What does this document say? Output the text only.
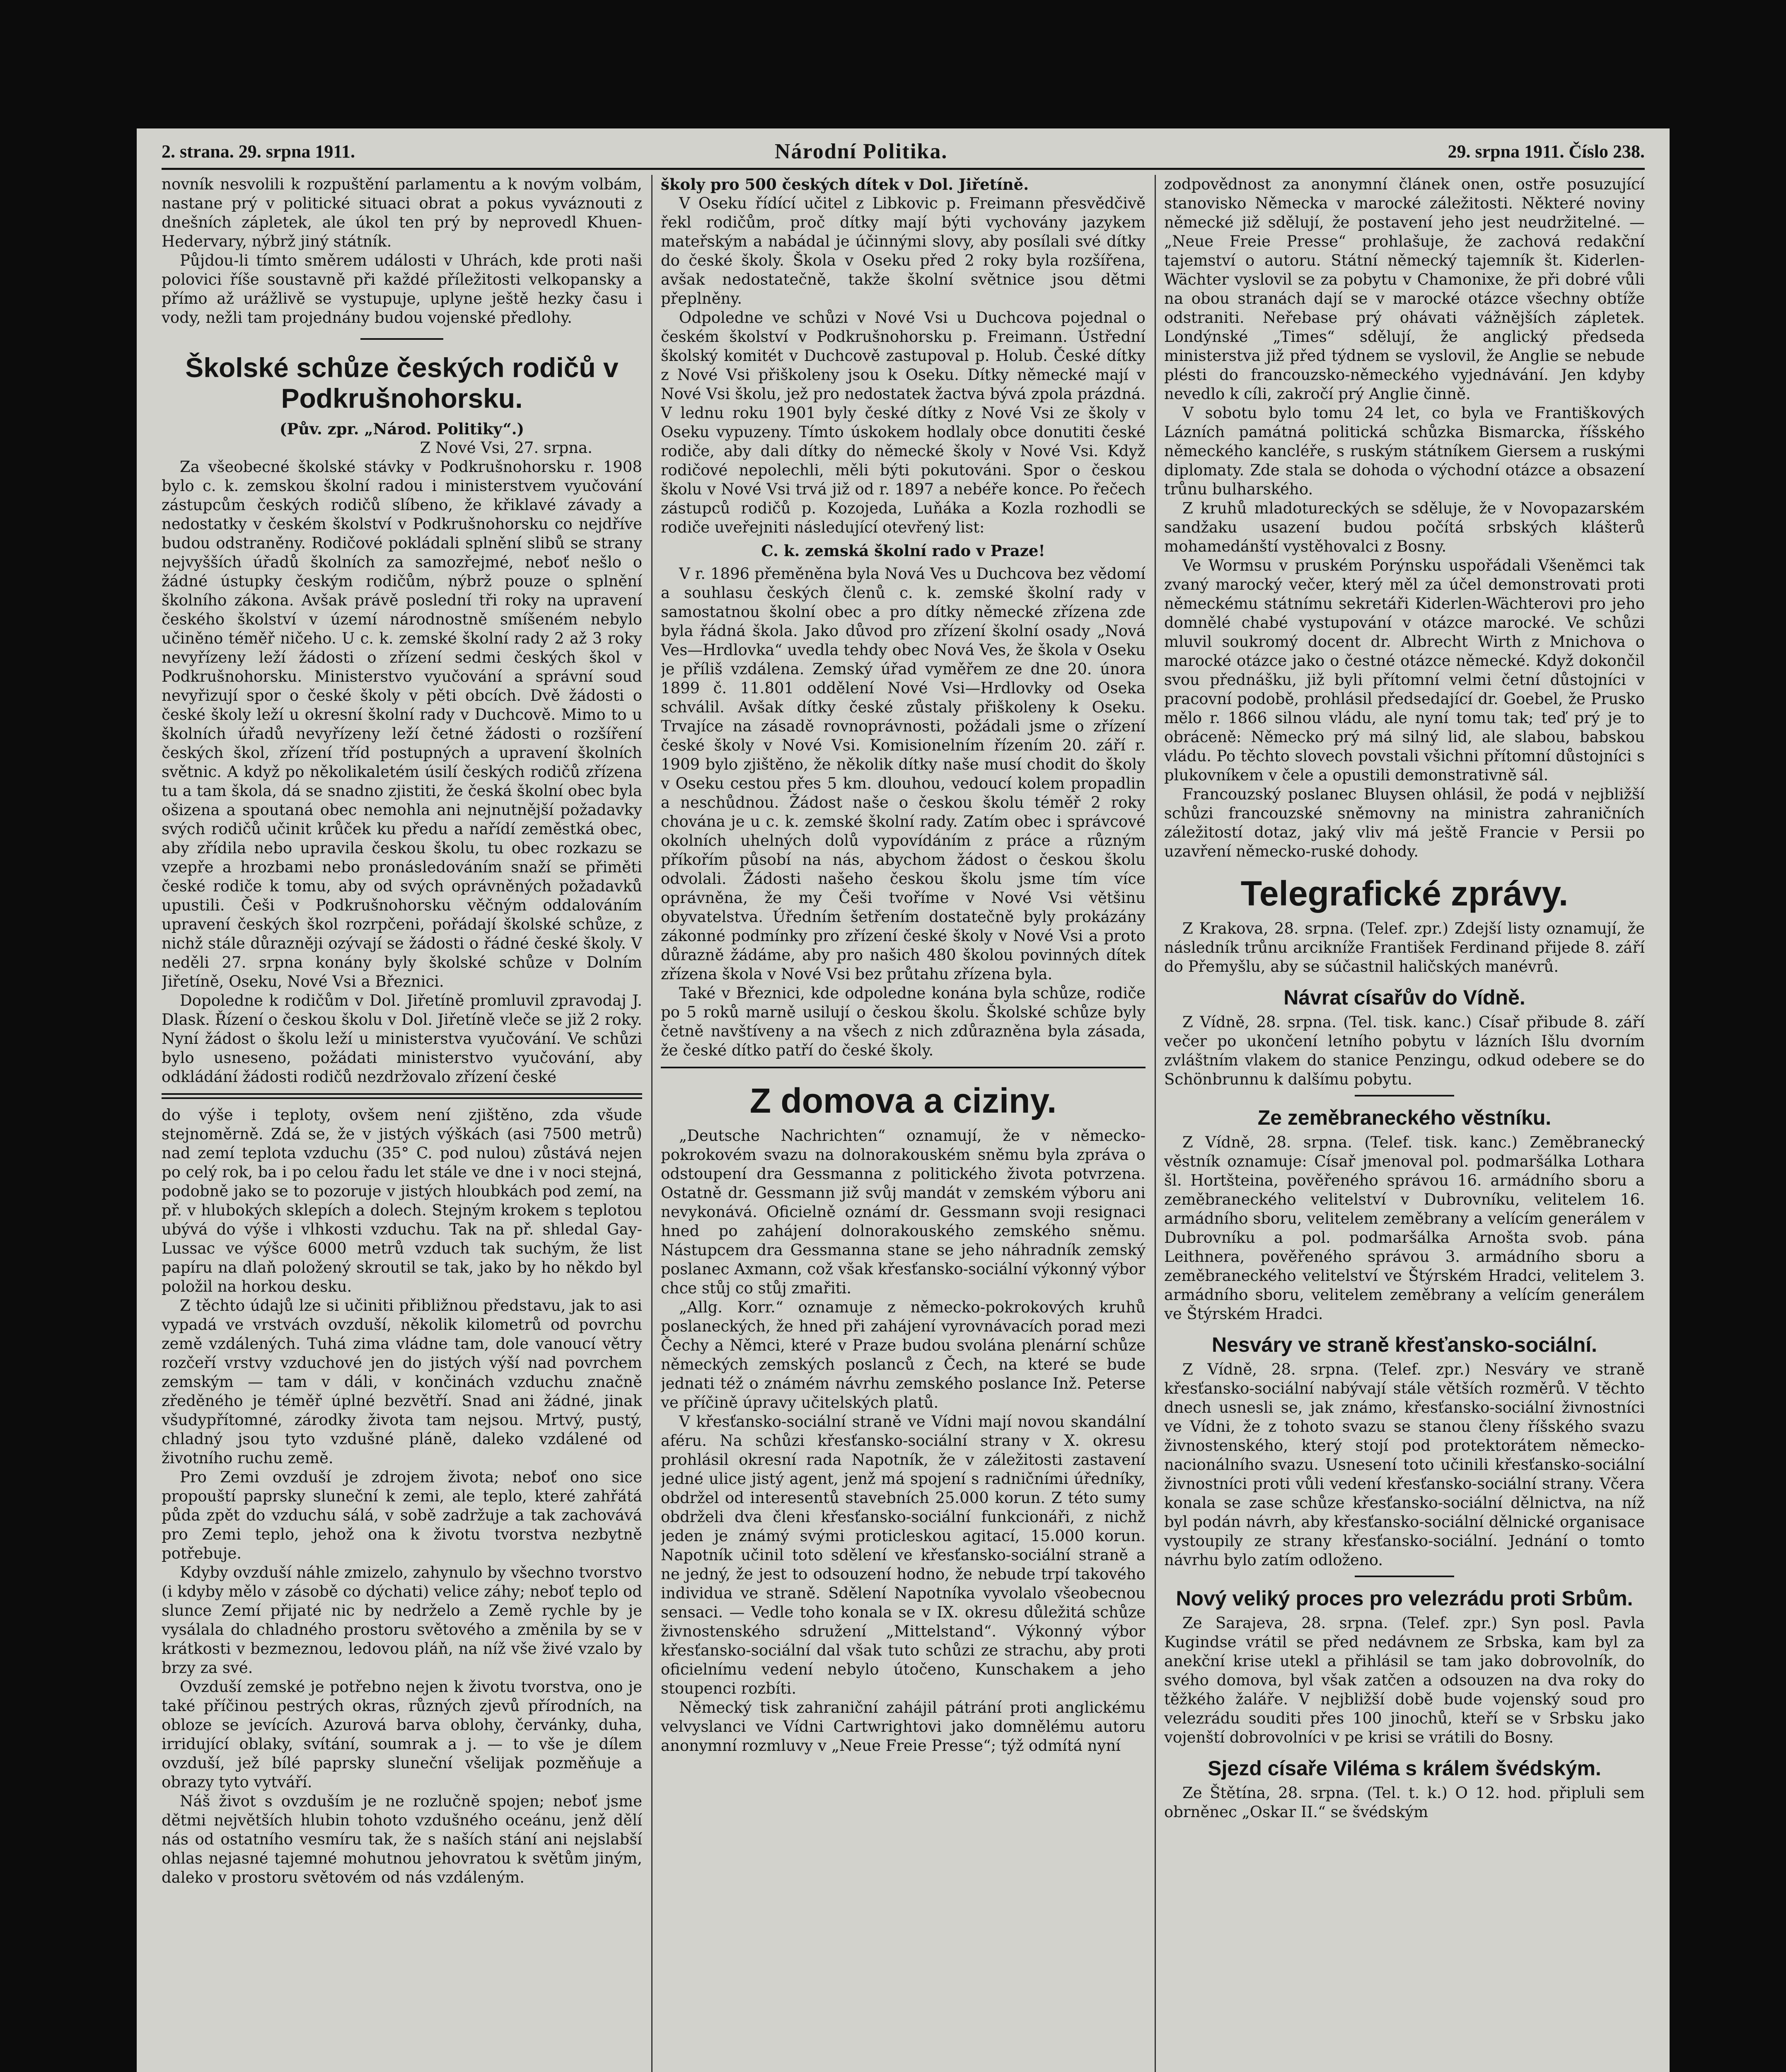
2. strana. 29. srpna 1911.	Národní Politika.	29. srpna 1911. Číslo 238.

novník nesvolili k rozpuštění parlamentu a k novým volbám, nastane prý v politické situaci obrat a pokus vyváznouti z dnešních zápletek, ale úkol ten prý by neprovedl Khuen-Hedervary, nýbrž jiný státník.

Půjdou-li tímto směrem události v Uhrách, kde proti naši polovici říše soustavně při každé příležitosti velkopansky a přímo až urážlivě se vystupuje, uplyne ještě hezky času i vody, nežli tam projednány budou vojenské předlohy.

Školské schůze českých rodičů v Podkrušnohorsku.

(Pův. zpr. „Národ. Politiky“.)

Z Nové Vsi, 27. srpna.

Za všeobecné školské stávky v Podkrušnohorsku r. 1908 bylo c. k. zemskou školní radou i ministerstvem vyučování zástupcům českých rodičů slíbeno, že křiklavé závady a nedostatky v českém školství v Podkrušnohorsku co nejdříve budou odstraněny. Rodičové pokládali splnění slibů se strany nejvyšších úřadů školních za samozřejmé, neboť nešlo o žádné ústupky českým rodičům, nýbrž pouze o splnění školního zákona. Avšak právě poslední tři roky na upravení českého školství v území národnostně smíšeném nebylo učiněno téměř ničeho. U c. k. zemské školní rady 2 až 3 roky nevyřízeny leží žádosti o zřízení sedmi českých škol v Podkrušnohorsku. Ministerstvo vyučování a správní soud nevyřizují spor o české školy v pěti obcích. Dvě žádosti o české školy leží u okresní školní rady v Duchcově. Mimo to u školních úřadů nevyřízeny leží četné žádosti o rozšíření českých škol, zřízení tříd postupných a upravení školních světnic. A když po několikaletém úsilí českých rodičů zřízena tu a tam škola, dá se snadno zjistiti, že česká školní obec byla ošizena a spoutaná obec nemohla ani nejnutnější požadavky svých rodičů učinit krůček ku předu a nařídí zeměstká obec, aby zřídila nebo upravila českou školu, tu obec rozkazu se vzepře a hrozbami nebo pronásledováním snaží se přiměti české rodiče k tomu, aby od svých oprávněných požadavků upustili. Češi v Podkrušnohorsku věčným oddalováním upravení českých škol rozrpčeni, pořádají školské schůze, z nichž stále důrazněji ozývají se žádosti o řádné české školy. V neděli 27. srpna konány byly školské schůze v Dolním Jiřetíně, Oseku, Nové Vsi a Březnici.

Dopoledne k rodičům v Dol. Jiřetíně promluvil zpravodaj J. Dlask. Řízení o českou školu v Dol. Jiřetíně vleče se již 2 roky. Nyní žádost o školu leží u ministerstva vyučování. Ve schůzi bylo usneseno, požádati ministerstvo vyučování, aby odkládání žádosti rodičů nezdržovalo zřízení české

do výše i teploty, ovšem není zjištěno, zda všude stejnoměrně. Zdá se, že v jistých výškách (asi 7500 metrů) nad zemí teplota vzduchu (35° C. pod nulou) zůstává nejen po celý rok, ba i po celou řadu let stále ve dne i v noci stejná, podobně jako se to pozoruje v jistých hloubkách pod zemí, na př. v hlubokých sklepích a dolech. Stejným krokem s teplotou ubývá do výše i vlhkosti vzduchu. Tak na př. shledal Gay-Lussac ve výšce 6000 metrů vzduch tak suchým, že list papíru na dlaň položený skroutil se tak, jako by ho někdo byl položil na horkou desku.

Z těchto údajů lze si učiniti přibližnou představu, jak to asi vypadá ve vrstvách ovzduší, několik kilometrů od povrchu země vzdálených. Tuhá zima vládne tam, dole vanoucí větry rozčeří vrstvy vzduchové jen do jistých výší nad povrchem zemským — tam v dáli, v končinách vzduchu značně zředěného je téměř úplné bezvětří. Snad ani žádné, jinak všudypřítomné, zárodky života tam nejsou. Mrtvý, pustý, chladný jsou tyto vzdušné pláně, daleko vzdálené od životního ruchu země.

Pro Zemi ovzduší je zdrojem života; neboť ono sice propouští paprsky sluneční k zemi, ale teplo, které zahřátá půda zpět do vzduchu sálá, v sobě zadržuje a tak zachovává pro Zemi teplo, jehož ona k životu tvorstva nezbytně potřebuje.

Kdyby ovzduší náhle zmizelo, zahynulo by všechno tvorstvo (i kdyby mělo v zásobě co dýchati) velice záhy; neboť teplo od slunce Zemí přijaté nic by nedrželo a Země rychle by je vysálala do chladného prostoru světového a změnila by se v krátkosti v bezmeznou, ledovou pláň, na níž vše živé vzalo by brzy za své.

Ovzduší zemské je potřebno nejen k životu tvorstva, ono je také příčinou pestrých okras, různých zjevů přírodních, na obloze se jevících. Azurová barva oblohy, červánky, duha, irridující oblaky, svítání, soumrak a j. — to vše je dílem ovzduší, jež bílé paprsky sluneční všelijak pozměňuje a obrazy tyto vytváří.

Náš život s ovzduším je ne rozlučně spojen; neboť jsme dětmi největších hlubin tohoto vzdušného oceánu, jenž dělí nás od ostatního vesmíru tak, že s naších stání ani nejslabší ohlas nejasné tajemné mohutnou jehovratou k světům jiným, daleko v prostoru světovém od nás vzdáleným.

školy pro 500 českých dítek v Dol. Jiřetíně.

V Oseku řídící učitel z Libkovic p. Freimann přesvědčivě řekl rodičům, proč dítky mají býti vychovány jazykem mateřským a nabádal je účinnými slovy, aby posílali své dítky do české školy. Škola v Oseku před 2 roky byla rozšířena, avšak nedostatečně, takže školní světnice jsou dětmi přeplněny.

Odpoledne ve schůzi v Nové Vsi u Duchcova pojednal o českém školství v Podkrušnohorsku p. Freimann. Ústřední školský komitét v Duchcově zastupoval p. Holub. České dítky z Nové Vsi přiškoleny jsou k Oseku. Dítky německé mají v Nové Vsi školu, jež pro nedostatek žactva bývá zpola prázdná. V lednu roku 1901 byly české dítky z Nové Vsi ze školy v Oseku vypuzeny. Tímto úskokem hodlaly obce donutiti české rodiče, aby dali dítky do německé školy v Nové Vsi. Když rodičové nepolechli, měli býti pokutováni. Spor o českou školu v Nové Vsi trvá již od r. 1897 a nebéře konce. Po řečech zástupců rodičů p. Kozojeda, Luňáka a Kozla rozhodli se rodiče uveřejniti následující otevřený list:

C. k. zemská školní rado v Praze!

V r. 1896 přeměněna byla Nová Ves u Duchcova bez vědomí a souhlasu českých členů c. k. zemské školní rady v samostatnou školní obec a pro dítky německé zřízena zde byla řádná škola. Jako důvod pro zřízení školní osady „Nová Ves—Hrdlovka“ uvedla tehdy obec Nová Ves, že škola v Oseku je příliš vzdálena. Zemský úřad vyměřem ze dne 20. února 1899 č. 11.801 oddělení Nové Vsi—Hrdlovky od Oseka schválil. Avšak dítky české zůstaly přiškoleny k Oseku. Trvajíce na zásadě rovnoprávnosti, požádali jsme o zřízení české školy v Nové Vsi. Komisionelním řízením 20. září r. 1909 bylo zjištěno, že několik dítky naše musí chodit do školy v Oseku cestou přes 5 km. dlouhou, vedoucí kolem propadlin a neschůdnou. Žádost naše o českou školu téměř 2 roky chována je u c. k. zemské školní rady. Zatím obec i správcové okolních uhelných dolů vypovídáním z práce a různým příkořím působí na nás, abychom žádost o českou školu odvolali. Žádosti našeho českou školu jsme tím více oprávněna, že my Češi tvoříme v Nové Vsi většinu obyvatelstva. Úředním šetřením dostatečně byly prokázány zákonné podmínky pro zřízení české školy v Nové Vsi a proto důrazně žádáme, aby pro našich 480 školou povinných dítek zřízena škola v Nové Vsi bez průtahu zřízena byla.

Také v Březnici, kde odpoledne konána byla schůze, rodiče po 5 roků marně usilují o českou školu. Školské schůze byly četně navštíveny a na všech z nich zdůrazněna byla zásada, že české dítko patří do české školy.

Z domova a ciziny.

„Deutsche Nachrichten“ oznamují, že v německo-pokrokovém svazu na dolnorakouském sněmu byla zpráva o odstoupení dra Gessmanna z politického života potvrzena. Ostatně dr. Gessmann již svůj mandát v zemském výboru ani nevykonává. Oficielně oznámí dr. Gessmann svoji resignaci hned po zahájení dolnorakouského zemského sněmu. Nástupcem dra Gessmanna stane se jeho náhradník zemský poslanec Axmann, což však křesťansko-sociální výkonný výbor chce stůj co stůj zmařiti.

„Allg. Korr.“ oznamuje z německo-pokrokových kruhů poslaneckých, že hned při zahájení vyrovnávacích porad mezi Čechy a Němci, které v Praze budou svolána plenární schůze německých zemských poslanců z Čech, na které se bude jednati též o známém návrhu zemského poslance Inž. Peterse ve příčině úpravy učitelských platů.

V křesťansko-sociální straně ve Vídni mají novou skandální aféru. Na schůzi křesťansko-sociální strany v X. okresu prohlásil okresní rada Napotník, že v záležitosti zastavení jedné ulice jistý agent, jenž má spojení s radničními úředníky, obdržel od interesentů stavebních 25.000 korun. Z této sumy obdrželi dva členi křesťansko-sociální funkcionáři, z nichž jeden je známý svými proticleskou agitací, 15.000 korun. Napotník učinil toto sdělení ve křesťansko-sociální straně a ne jedný, že jest to odsouzení hodno, že nebude trpí takového individua ve straně. Sdělení Napotníka vyvolalo všeobecnou sensaci. — Vedle toho konala se v IX. okresu důležitá schůze živnostenského sdružení „Mittelstand“. Výkonný výbor křesťansko-sociální dal však tuto schůzi ze strachu, aby proti oficielnímu vedení nebylo útočeno, Kunschakem a jeho stoupenci rozbíti.

Německý tisk zahraniční zahájil pátrání proti anglickému velvyslanci ve Vídni Cartwrightovi jako domnělému autoru anonymní rozmluvy v „Neue Freie Presse“; týž odmítá nyní

zodpovědnost za anonymní článek onen, ostře posuzující stanovisko Německa v marocké záležitosti. Některé noviny německé již sdělují, že postavení jeho jest neudržitelné. — „Neue Freie Presse“ prohlašuje, že zachová redakční tajemství o autoru. Státní německý tajemník št. Kiderlen-Wächter vyslovil se za pobytu v Chamonixe, že při dobré vůli na obou stranách dají se v marocké otázce všechny obtíže odstraniti. Neřebase prý ohávati vážnějších zápletek. Londýnské „Times“ sdělují, že anglický předseda ministerstva již před týdnem se vyslovil, že Anglie se nebude plésti do francouzsko-německého vyjednávání. Jen kdyby nevedlo k cíli, zakročí prý Anglie činně.

V sobotu bylo tomu 24 let, co byla ve Františkových Lázních památná politická schůzka Bismarcka, říšského německého kancléře, s ruským státníkem Giersem a ruskými diplomaty. Zde stala se dohoda o východní otázce a obsazení trůnu bulharského.

Z kruhů mladotureckých se sděluje, že v Novopazarském sandžaku usazení budou počítá srbských klášterů mohamedánští vystěhovalci z Bosny.

Ve Wormsu v pruském Porýnsku uspořádali Všeněmci tak zvaný marocký večer, který měl za účel demonstrovati proti německému státnímu sekretáři Kiderlen-Wächterovi pro jeho domnělé chabé vystupování v otázce marocké. Ve schůzi mluvil soukromý docent dr. Albrecht Wirth z Mnichova o marocké otázce jako o čestné otázce německé. Když dokončil svou přednášku, již byli přítomní velmi četní důstojníci v pracovní podobě, prohlásil předsedající dr. Goebel, že Prusko mělo r. 1866 silnou vládu, ale nyní tomu tak; teď prý je to obráceně: Německo prý má silný lid, ale slabou, babskou vládu. Po těchto slovech povstali všichni přítomní důstojníci s plukovníkem v čele a opustili demonstrativně sál.

Francouzský poslanec Bluysen ohlásil, že podá v nejbližší schůzi francouzské sněmovny na ministra zahraničních záležitostí dotaz, jaký vliv má ještě Francie v Persii po uzavření německo-ruské dohody.

Telegrafické zprávy.

Z Krakova, 28. srpna. (Telef. zpr.) Zdejší listy oznamují, že následník trůnu arcikníže František Ferdinand přijede 8. září do Přemyšlu, aby se súčastnil haličských manévrů.

Návrat císařův do Vídně.

Z Vídně, 28. srpna. (Tel. tisk. kanc.) Císař přibude 8. září večer po ukončení letního pobytu v lázních Išlu dvorním zvláštním vlakem do stanice Penzingu, odkud odebere se do Schönbrunnu k dalšímu pobytu.

Ze zeměbraneckého věstníku.

Z Vídně, 28. srpna. (Telef. tisk. kanc.) Zeměbranecký věstník oznamuje: Císař jmenoval pol. podmaršálka Lothara šl. Hortšteina, pověřeného správou 16. armádního sboru a zeměbraneckého velitelství v Dubrovníku, velitelem 16. armádního sboru, velitelem zeměbrany a velícím generálem v Dubrovníku a pol. podmaršálka Arnošta svob. pána Leithnera, pověřeného správou 3. armádního sboru a zeměbraneckého velitelství ve Štýrském Hradci, velitelem 3. armádního sboru, velitelem zeměbrany a velícím generálem ve Štýrském Hradci.

Nesváry ve straně křesťansko-sociální.

Z Vídně, 28. srpna. (Telef. zpr.) Nesváry ve straně křesťansko-sociální nabývají stále větších rozměrů. V těchto dnech usnesli se, jak známo, křesťansko-sociální živnostníci ve Vídni, že z tohoto svazu se stanou členy říšského svazu živnostenského, který stojí pod protektorátem německo-nacionálního svazu. Usnesení toto učinili křesťansko-sociální živnostníci proti vůli vedení křesťansko-sociální strany. Včera konala se zase schůze křesťansko-sociální dělnictva, na níž byl podán návrh, aby křesťansko-sociální dělnické organisace vystoupily ze strany křesťansko-sociální. Jednání o tomto návrhu bylo zatím odloženo.

Nový veliký proces pro velezrádu proti Srbům.

Ze Sarajeva, 28. srpna. (Telef. zpr.) Syn posl. Pavla Kugindse vrátil se před nedávnem ze Srbska, kam byl za anekční krise utekl a přihlásil se tam jako dobrovolník, do svého domova, byl však zatčen a odsouzen na dva roky do těžkého žaláře. V nejbližší době bude vojenský soud pro velezrádu souditi přes 100 jinochů, kteří se v Srbsku jako vojenští dobrovolníci v pe krisi se vrátili do Bosny.

Sjezd císaře Viléma s králem švédským.

Ze Štětína, 28. srpna. (Tel. t. k.) O 12. hod. připluli sem obrněnec „Oskar II.“ se švédským
